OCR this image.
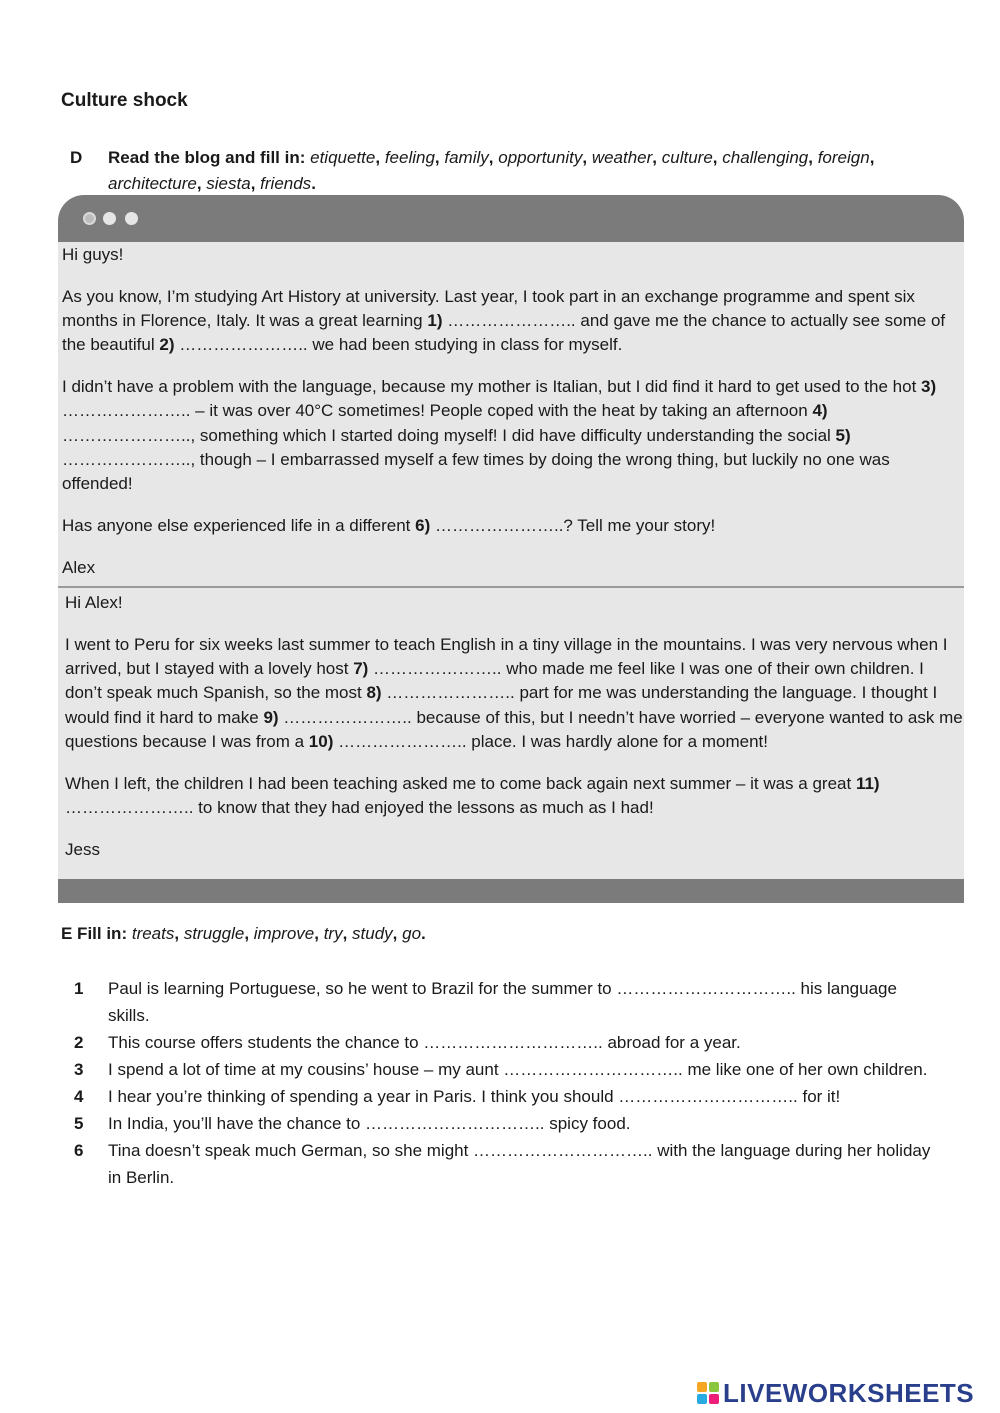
Culture shock
D Read the blog and fill in: etiquette, feeling, family, opportunity, weather, culture, challenging, foreign, architecture, siesta, friends.

Hi guys!

As you know, I’m studying Art History at university. Last year, I took part in an exchange programme and spent six months in Florence, Italy. It was a great learning 1) ………………….. and gave me the chance to actually see some of the beautiful 2) ………………….. we had been studying in class for myself.

I didn’t have a problem with the language, because my mother is Italian, but I did find it hard to get used to the hot 3) ………………….. – it was over 40°C sometimes! People coped with the heat by taking an afternoon 4) ………………….., something which I started doing myself! I did have difficulty understanding the social 5) ………………….., though – I embarrassed myself a few times by doing the wrong thing, but luckily no one was offended!

Has anyone else experienced life in a different 6) …………………..? Tell me your story!

Alex

Hi Alex!

I went to Peru for six weeks last summer to teach English in a tiny village in the mountains. I was very nervous when I arrived, but I stayed with a lovely host 7) ………………….. who made me feel like I was one of their own children. I don’t speak much Spanish, so the most 8) ………………….. part for me was understanding the language. I thought I would find it hard to make 9) ………………….. because of this, but I needn’t have worried – everyone wanted to ask me questions because I was from a 10) ………………….. place. I was hardly alone for a moment!

When I left, the children I had been teaching asked me to come back again next summer – it was a great 11) ………………….. to know that they had enjoyed the lessons as much as I had!

Jess

E Fill in: treats, struggle, improve, try, study, go.
1 Paul is learning Portuguese, so he went to Brazil for the summer to ………………………….. his language skills.
2 This course offers students the chance to ………………………….. abroad for a year.
3 I spend a lot of time at my cousins’ house – my aunt ………………………….. me like one of her own children.
4 I hear you’re thinking of spending a year in Paris. I think you should ………………………….. for it!
5 In India, you’ll have the chance to ………………………….. spicy food.
6 Tina doesn’t speak much German, so she might ………………………….. with the language during her holiday in Berlin.
LIVEWORKSHEETS
